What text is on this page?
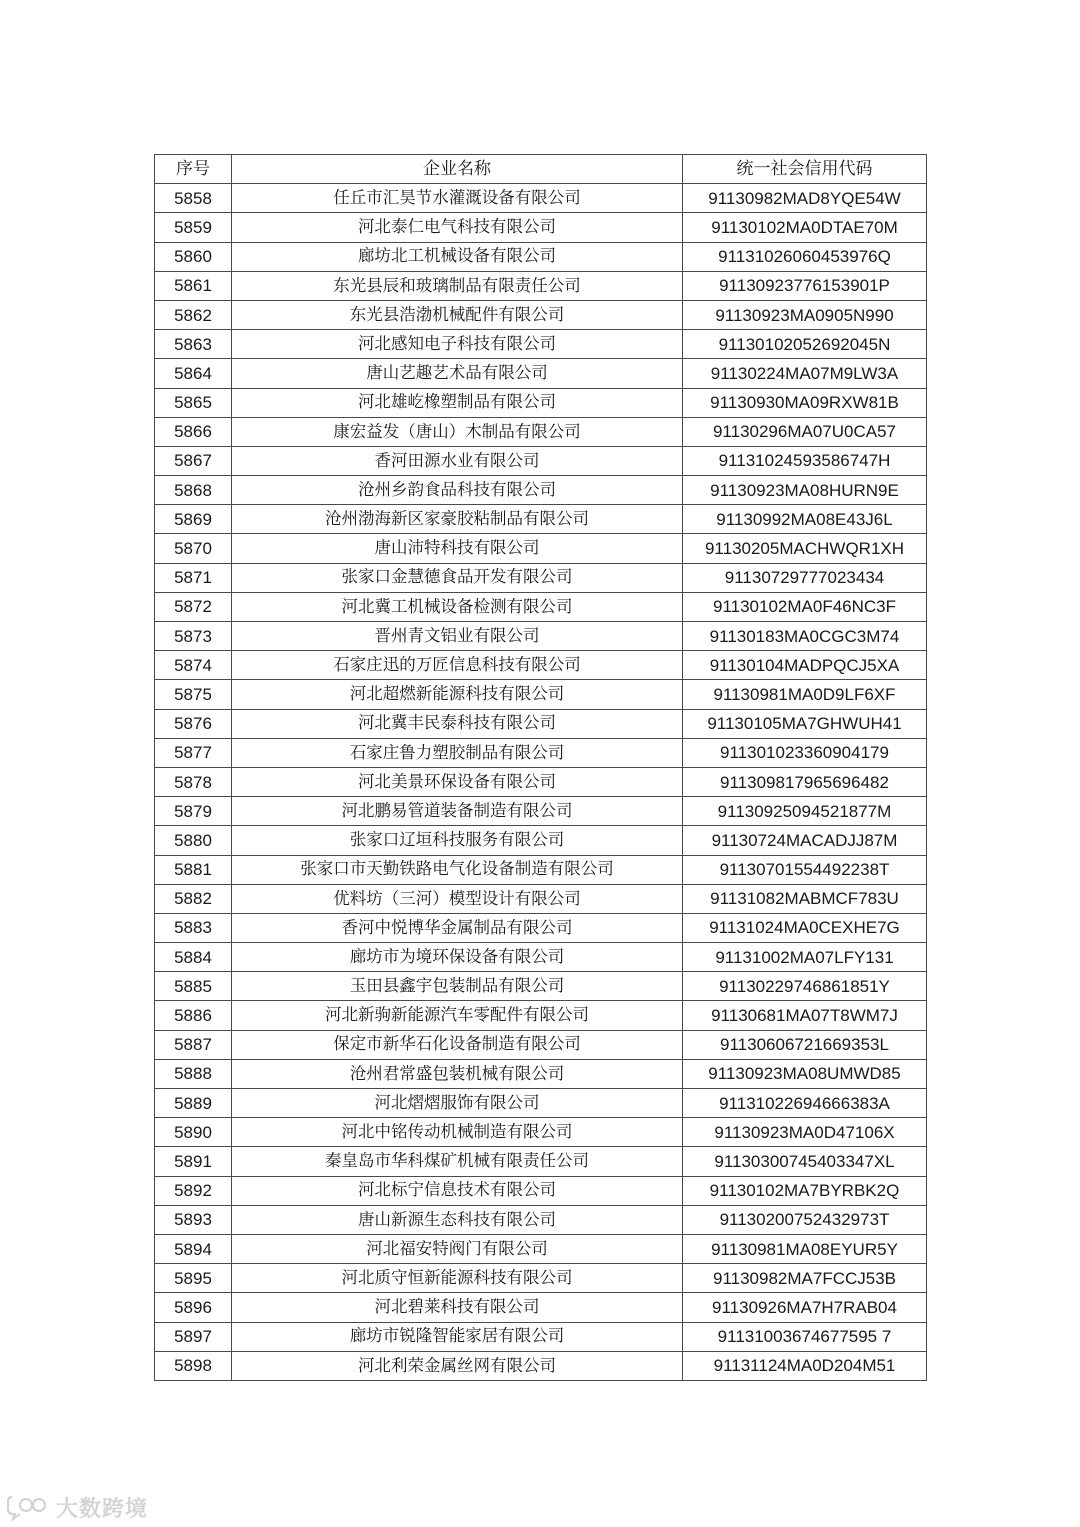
序号	企业名称	统一社会信用代码
5858	任丘市汇昊节水灌溉设备有限公司	91130982MAD8YQE54W
5859	河北泰仁电气科技有限公司	91130102MA0DTAE70M
5860	廊坊北工机械设备有限公司	91131026060453976Q
5861	东光县辰和玻璃制品有限责任公司	91130923776153901P
5862	东光县浩渤机械配件有限公司	91130923MA0905N990
5863	河北感知电子科技有限公司	91130102052692045N
5864	唐山艺趣艺术品有限公司	91130224MA07M9LW3A
5865	河北雄屹橡塑制品有限公司	91130930MA09RXW81B
5866	康宏益发（唐山）木制品有限公司	91130296MA07U0CA57
5867	香河田源水业有限公司	91131024593586747H
5868	沧州乡韵食品科技有限公司	91130923MA08HURN9E
5869	沧州渤海新区家豪胶粘制品有限公司	91130992MA08E43J6L
5870	唐山沛特科技有限公司	91130205MACHWQR1XH
5871	张家口金慧德食品开发有限公司	91130729777023434
5872	河北冀工机械设备检测有限公司	91130102MA0F46NC3F
5873	晋州青文铝业有限公司	91130183MA0CGC3M74
5874	石家庄迅的万匠信息科技有限公司	91130104MADPQCJ5XA
5875	河北超燃新能源科技有限公司	91130981MA0D9LF6XF
5876	河北冀丰民泰科技有限公司	91130105MA7GHWUH41
5877	石家庄鲁力塑胶制品有限公司	911301023360904179
5878	河北美景环保设备有限公司	911309817965696482
5879	河北鹏易管道装备制造有限公司	91130925094521877M
5880	张家口辽垣科技服务有限公司	91130724MACADJJ87M
5881	张家口市天勤铁路电气化设备制造有限公司	91130701554492238T
5882	优料坊（三河）模型设计有限公司	91131082MABMCF783U
5883	香河中悦博华金属制品有限公司	91131024MA0CEXHE7G
5884	廊坊市为境环保设备有限公司	91131002MA07LFY131
5885	玉田县鑫宇包装制品有限公司	91130229746861851Y
5886	河北新驹新能源汽车零配件有限公司	91130681MA07T8WM7J
5887	保定市新华石化设备制造有限公司	91130606721669353L
5888	沧州君常盛包装机械有限公司	91130923MA08UMWD85
5889	河北熠熠服饰有限公司	91131022694666383A
5890	河北中铭传动机械制造有限公司	91130923MA0D47106X
5891	秦皇岛市华科煤矿机械有限责任公司	91130300745403347XL
5892	河北标宁信息技术有限公司	91130102MA7BYRBK2Q
5893	唐山新源生态科技有限公司	91130200752432973T
5894	河北福安特阀门有限公司	91130981MA08EYUR5Y
5895	河北质守恒新能源科技有限公司	91130982MA7FCCJ53B
5896	河北碧莱科技有限公司	91130926MA7H7RAB04
5897	廊坊市锐隆智能家居有限公司	91131003674677595 7
5898	河北利荣金属丝网有限公司	91131124MA0D204M51
大数跨境
